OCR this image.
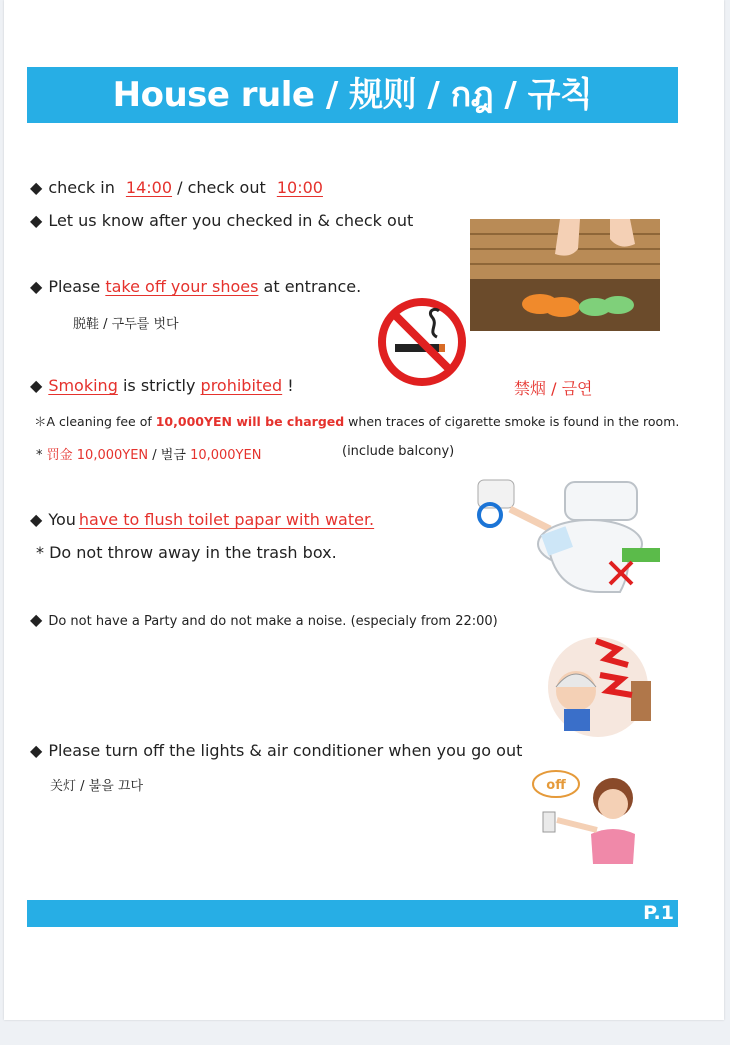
House rule / 规则 / กฎ / 규칙
◆ check in 14:00 / check out 10:00
◆ Let us know after you checked in & check out
◆ Please take off your shoes at entrance.
脱鞋 / 구두를 벗다
◆ Smoking is strictly prohibited !	禁烟 / 금연
＊A cleaning fee of 10,000YEN will be charged when traces of cigarette smoke is found in the room.
* 罚金 10,000YEN / 벌금 10,000YEN	(include balcony)
◆ You have to flush toilet papar with water.
* Do not throw away in the trash box.
◆ Do not have a Party and do not make a noise. (especialy from 22:00)
◆ Please turn off the lights & air conditioner when you go out
关灯 / 불을 끄다	off
P.1
